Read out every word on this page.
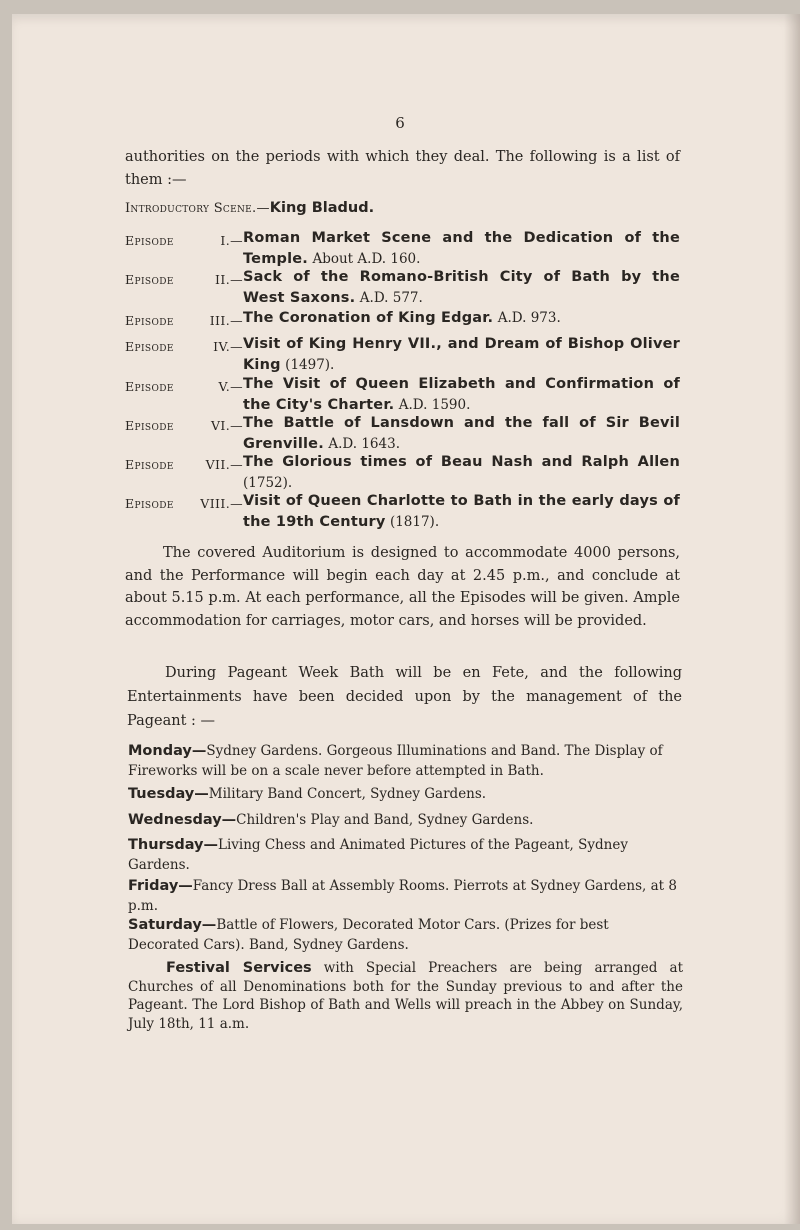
6
authorities on the periods with which they deal. The following is a list of them :—
Introductory Scene.—King Bladud.
Episode	I.— Roman Market Scene and the Dedication of the Temple. About A.D. 160.
Episode	II.— Sack of the Romano-British City of Bath by the West Saxons. A.D. 577.
Episode	III.— The Coronation of King Edgar. A.D. 973.
Episode	IV.— Visit of King Henry VII., and Dream of Bishop Oliver King (1497).
Episode	V.— The Visit of Queen Elizabeth and Confirmation of the City's Charter. A.D. 1590.
Episode	VI.— The Battle of Lansdown and the fall of Sir Bevil Grenville. A.D. 1643.
Episode	VII.— The Glorious times of Beau Nash and Ralph Allen (1752).
Episode	VIII.— Visit of Queen Charlotte to Bath in the early days of the 19th Century (1817).
The covered Auditorium is designed to accommodate 4000 persons, and the Performance will begin each day at 2.45 p.m., and conclude at about 5.15 p.m. At each performance, all the Episodes will be given. Ample accommodation for carriages, motor cars, and horses will be provided.
During Pageant Week Bath will be en Fete, and the following Entertainments have been decided upon by the management of the Pageant : —
Monday—Sydney Gardens. Gorgeous Illuminations and Band. The Display of Fireworks will be on a scale never before attempted in Bath.
Tuesday—Military Band Concert, Sydney Gardens.
Wednesday—Children's Play and Band, Sydney Gardens.
Thursday—Living Chess and Animated Pictures of the Pageant, Sydney Gardens.
Friday—Fancy Dress Ball at Assembly Rooms. Pierrots at Sydney Gardens, at 8 p.m.
Saturday—Battle of Flowers, Decorated Motor Cars. (Prizes for best Decorated Cars). Band, Sydney Gardens.
Festival Services with Special Preachers are being arranged at Churches of all Denominations both for the Sunday previous to and after the Pageant. The Lord Bishop of Bath and Wells will preach in the Abbey on Sunday, July 18th, 11 a.m.
